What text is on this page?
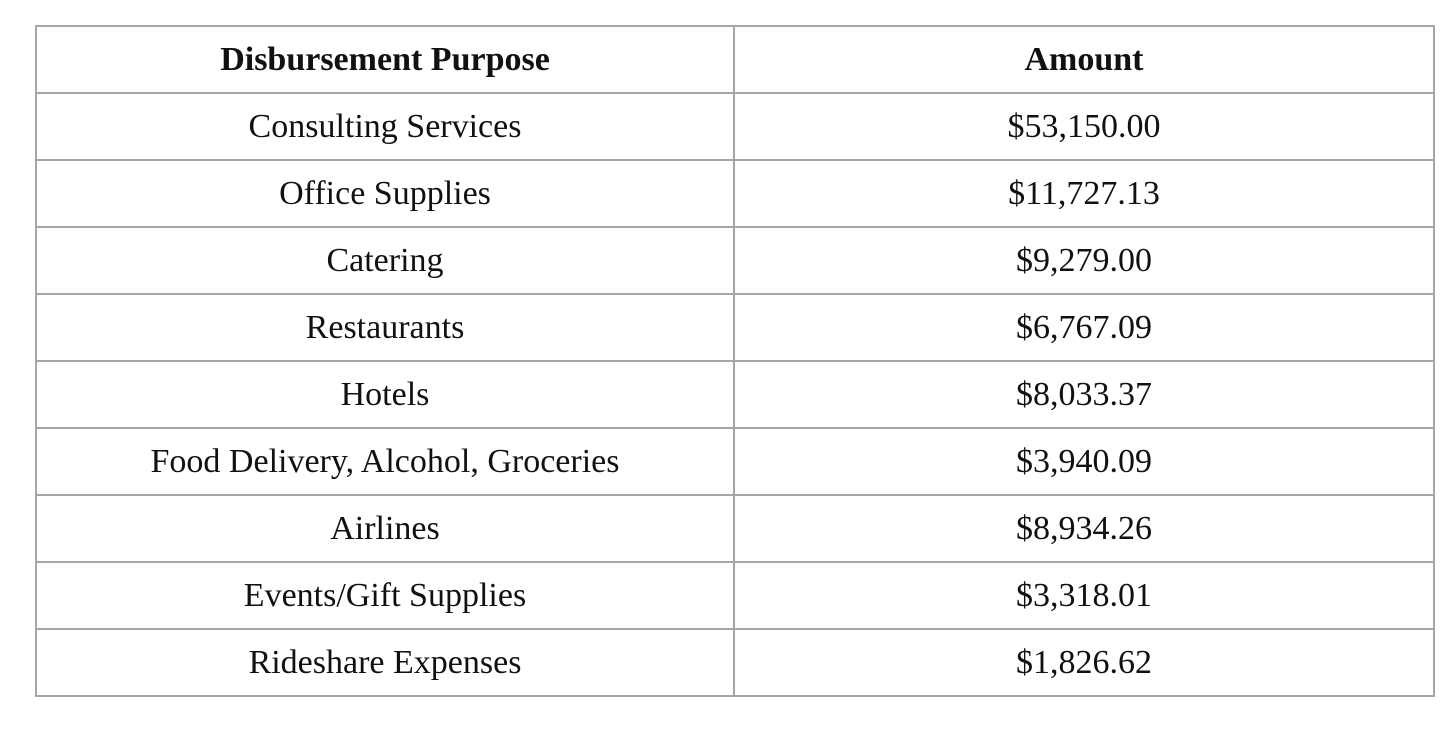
Disbursement Purpose	Amount
Consulting Services	$53,150.00
Office Supplies	$11,727.13
Catering	$9,279.00
Restaurants	$6,767.09
Hotels	$8,033.37
Food Delivery, Alcohol, Groceries	$3,940.09
Airlines	$8,934.26
Events/Gift Supplies	$3,318.01
Rideshare Expenses	$1,826.62
